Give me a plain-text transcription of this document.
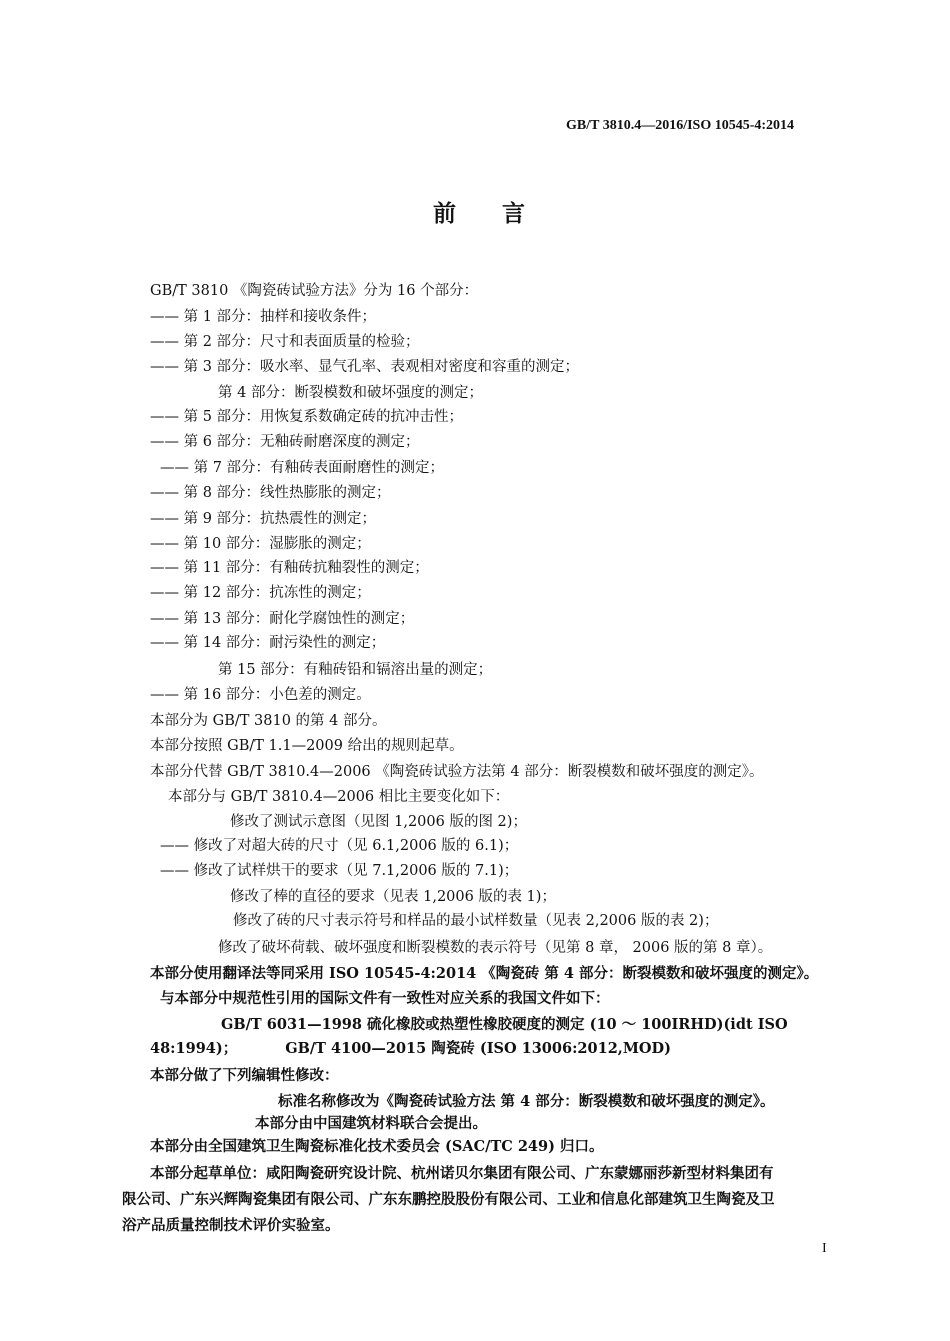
GB/T 3810.4—2016/ISO 10545-4:2014
前 言
GB/T 3810 《陶瓷砖试验方法》分为 16 个部分：
—— 第 1 部分：抽样和接收条件；
—— 第 2 部分：尺寸和表面质量的检验；
—— 第 3 部分：吸水率、显气孔率、表观相对密度和容重的测定；
第 4 部分：断裂模数和破坏强度的测定；
—— 第 5 部分：用恢复系数确定砖的抗冲击性；
—— 第 6 部分：无釉砖耐磨深度的测定；
—— 第 7 部分：有釉砖表面耐磨性的测定；
—— 第 8 部分：线性热膨胀的测定；
—— 第 9 部分：抗热震性的测定；
—— 第 10 部分：湿膨胀的测定；
—— 第 11 部分：有釉砖抗釉裂性的测定；
—— 第 12 部分：抗冻性的测定；
—— 第 13 部分：耐化学腐蚀性的测定；
—— 第 14 部分：耐污染性的测定；
第 15 部分：有釉砖铅和镉溶出量的测定；
—— 第 16 部分：小色差的测定。
本部分为 GB/T 3810 的第 4 部分。
本部分按照 GB/T 1.1—2009 给出的规则起草。
本部分代替 GB/T 3810.4—2006 《陶瓷砖试验方法第 4 部分：断裂模数和破坏强度的测定》。
本部分与 GB/T 3810.4—2006 相比主要变化如下：
修改了测试示意图（见图 1,2006 版的图 2)；
—— 修改了对超大砖的尺寸（见 6.1,2006 版的 6.1)；
—— 修改了试样烘干的要求（见 7.1,2006 版的 7.1)；
修改了棒的直径的要求（见表 1,2006 版的表 1)；
修改了砖的尺寸表示符号和样品的最小试样数量（见表 2,2006 版的表 2)；
修改了破坏荷载、破坏强度和断裂模数的表示符号（见第 8 章， 2006 版的第 8 章）。
本部分使用翻译法等同采用 ISO 10545-4:2014 《陶瓷砖 第 4 部分：断裂模数和破坏强度的测定》。
与本部分中规范性引用的国际文件有一致性对应关系的我国文件如下：
GB/T 6031—1998 硫化橡胶或热塑性橡胶硬度的测定 (10 ～ 100IRHD)(idt ISO
48:1994)；	GB/T 4100—2015 陶瓷砖 (ISO 13006:2012,MOD)
本部分做了下列编辑性修改：
标准名称修改为《陶瓷砖试验方法 第 4 部分：断裂模数和破坏强度的测定》。
本部分由中国建筑材料联合会提出。
本部分由全国建筑卫生陶瓷标准化技术委员会 (SAC/TC 249) 归口。
本部分起草单位：咸阳陶瓷研究设计院、杭州诺贝尔集团有限公司、广东蒙娜丽莎新型材料集团有
限公司、广东兴辉陶瓷集团有限公司、广东东鹏控股股份有限公司、工业和信息化部建筑卫生陶瓷及卫
浴产品质量控制技术评价实验室。
I
